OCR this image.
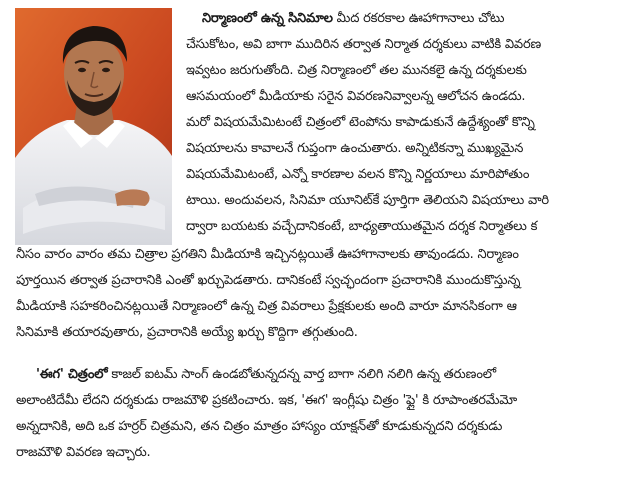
నిర్మాణంలో ఉన్న సినిమాల మీద రకరకాల ఊహాగానాలు చోటు
చేసుకోటం, అవి బాగా ముదిరిన తర్వాత నిర్మాత దర్శకులు వాటికి వివరణ
ఇవ్వటం జరుగుతోంది. చిత్ర నిర్మాణంలో తల మునకలై ఉన్న దర్శకులకు
ఆసమయంలో మీడియాకు సరైన వివరణనివ్వాలన్న ఆలోచన ఉండదు.
మరో విషయమేమిటంటే చిత్రంలో టెంపోను కాపాడుకునే ఉద్దేశ్యంతో కొన్ని
విషయాలను కావాలనే గుప్తంగా ఉంచుతారు. అన్నిటికన్నా ముఖ్యమైన
విషయమేమిటంటే, ఎన్నో కారణాల వలన కొన్ని నిర్ణయాలు మారిపోతుం
టాయి. అందువలన, సినిమా యూనిట్‌కే పూర్తిగా తెలియని విషయాలు వారి
ద్వారా బయటకు వచ్చేదానికంటే, బాధ్యతాయుతమైన దర్శక నిర్మాతలు క
నీసం వారం వారం తమ చిత్రాల ప్రగతిని మీడియాకి ఇచ్చినట్లయితే ఊహాగానాలకు తావుండదు. నిర్మాణం
పూర్తయిన తర్వాత ప్రచారానికి ఎంతో ఖర్చుపెడతారు. దానికంటే స్వచ్ఛందంగా ప్రచారానికి ముందుకొస్తున్న
మీడియాకి సహకరించినట్లయితే నిర్మాణంలో ఉన్న చిత్ర వివరాలు ప్రేక్షకులకు అంది వారూ మానసికంగా ఆ
సినిమాకి తయారవుతారు, ప్రచారానికి అయ్యే ఖర్చు కొద్దిగా తగ్గుతుంది.
'ఈగ' చిత్రంలో కాజల్ ఐటమ్ సాంగ్ ఉండబోతున్నదన్న వార్త బాగా నలిగి నలిగి ఉన్న తరుణంలో
అలాంటిదేమీ లేదని దర్శకుడు రాజమౌళి ప్రకటించారు. ఇక, 'ఈగ' ఇంగ్లీషు చిత్రం 'ఫ్లై' కి రూపాంతరమేమో
అన్నదానికి, అది ఒక హర్రర్ చిత్రమని, తన చిత్రం మాత్రం హాస్యం యాక్షన్‌తో కూడుకున్నదని దర్శకుడు
రాజమౌళి వివరణ ఇచ్చారు.
